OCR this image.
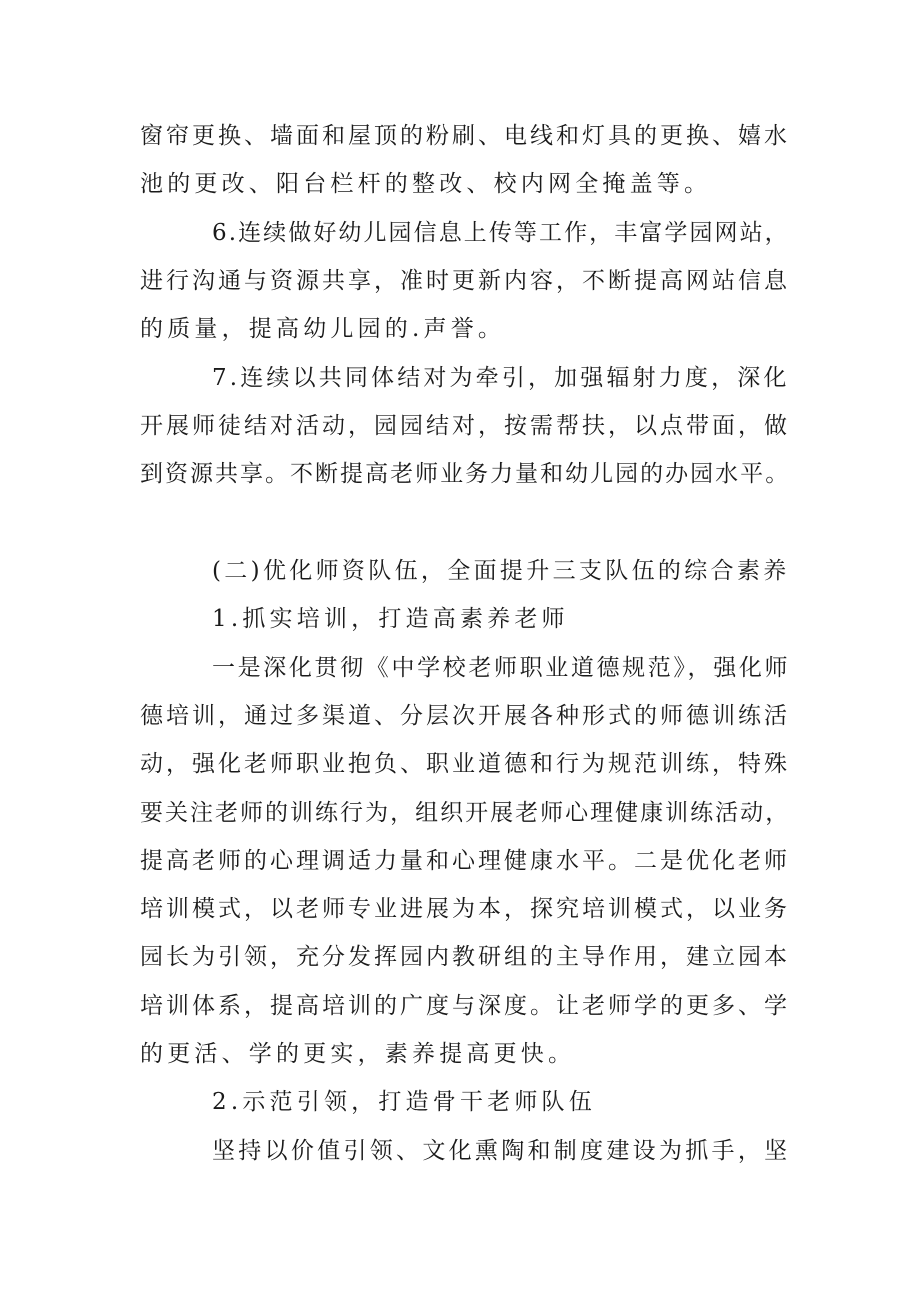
窗帘更换、墙面和屋顶的粉刷、电线和灯具的更换、嬉水
池的更改、阳台栏杆的整改、校内网全掩盖等。
6.连续做好幼儿园信息上传等工作，丰富学园网站，
进行沟通与资源共享，准时更新内容，不断提高网站信息
的质量，提高幼儿园的.声誉。
7.连续以共同体结对为牵引，加强辐射力度，深化
开展师徒结对活动，园园结对，按需帮扶，以点带面，做
到资源共享。不断提高老师业务力量和幼儿园的办园水平。
(二)优化师资队伍，全面提升三支队伍的综合素养
1.抓实培训，打造高素养老师
一是深化贯彻《中学校老师职业道德规范》，强化师
德培训，通过多渠道、分层次开展各种形式的师德训练活
动，强化老师职业抱负、职业道德和行为规范训练，特殊
要关注老师的训练行为，组织开展老师心理健康训练活动，
提高老师的心理调适力量和心理健康水平。二是优化老师
培训模式，以老师专业进展为本，探究培训模式，以业务
园长为引领，充分发挥园内教研组的主导作用，建立园本
培训体系，提高培训的广度与深度。让老师学的更多、学
的更活、学的更实，素养提高更快。
2.示范引领，打造骨干老师队伍
坚持以价值引领、文化熏陶和制度建设为抓手，坚
